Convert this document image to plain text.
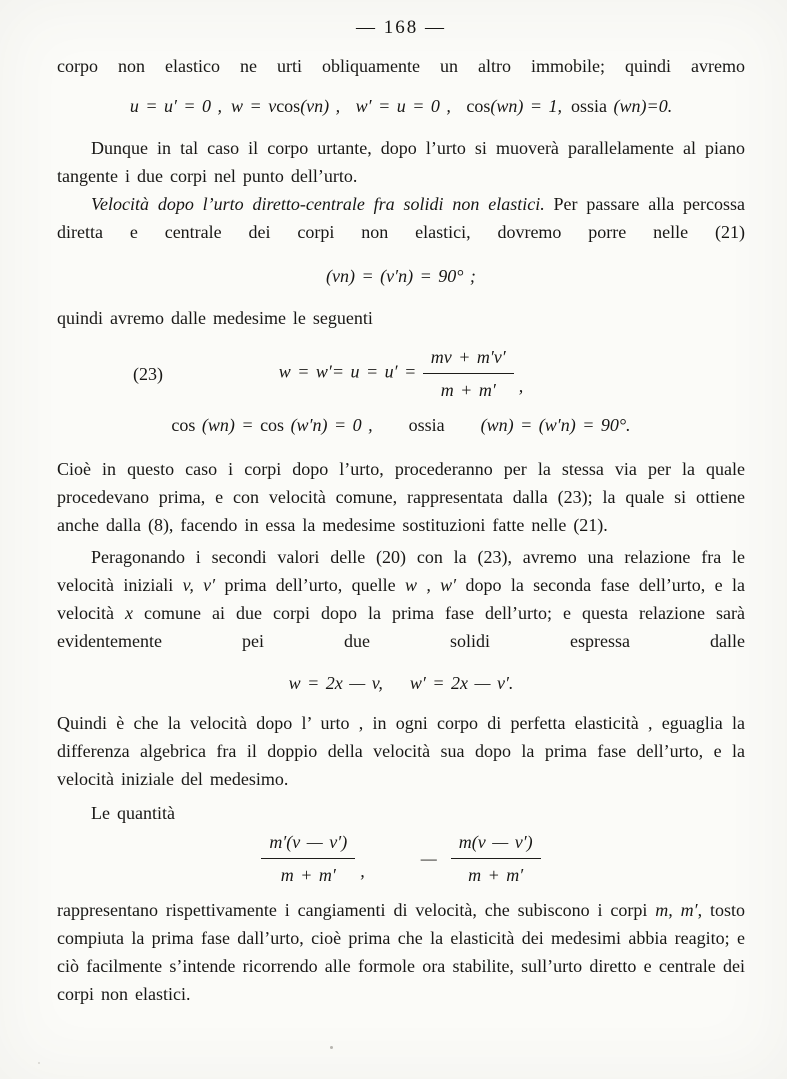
— 168 —

corpo non elastico ne urti obliquamente un altro immobile; quindi avremo

u = u′ = 0 , w = vcos(vn) ,  w′ = u = 0 ,  cos(wn) = 1, ossia (wn)=0.

Dunque in tal caso il corpo urtante, dopo l’urto si muoverà parallelamente al piano tangente i due corpi nel punto dell’urto.

Velocità dopo l’urto diretto-centrale fra solidi non elastici. Per passare alla percossa diretta e centrale dei corpi non elastici, dovremo porre nelle (21)

(vn) = (v′n) = 90° ;

quindi avremo dalle medesime le seguenti

(23)	$w = w'= u = u' = \frac{mv + m'v'}{m + m'}$ ,
cos (wn) = cos (w′n) = 0 ,  ossia  (wn) = (w′n) = 90°.

Cioè in questo caso i corpi dopo l’urto, procederanno per la stessa via per la quale procedevano prima, e con velocità comune, rappresentata dalla (23); la quale si ottiene anche dalla (8), facendo in essa la medesime sostituzioni fatte nelle (21).

Peragonando i secondi valori delle (20) con la (23), avremo una relazione fra le velocità iniziali v, v′ prima dell’urto, quelle w , w′ dopo la seconda fase dell’urto, e la velocità x comune ai due corpi dopo la prima fase dell’urto; e questa relazione sarà evidentemente pei due solidi espressa dalle

w = 2x — v,  w′ = 2x — v′.

Quindi è che la velocità dopo l’ urto , in ogni corpo di perfetta elasticità , eguaglia la differenza algebrica fra il doppio della velocità sua dopo la prima fase dell’urto, e la velocità iniziale del medesimo.

Le quantità

$\frac{m'(v — v')}{m + m'}$ ,— $\frac{m(v — v')}{m + m'}$

rappresentano rispettivamente i cangiamenti di velocità, che subiscono i corpi m, m′, tosto compiuta la prima fase dall’urto, cioè prima che la elasticità dei medesimi abbia reagito; e ciò facilmente s’intende ricorrendo alle formole ora stabilite, sull’urto diretto e centrale dei corpi non elastici.
